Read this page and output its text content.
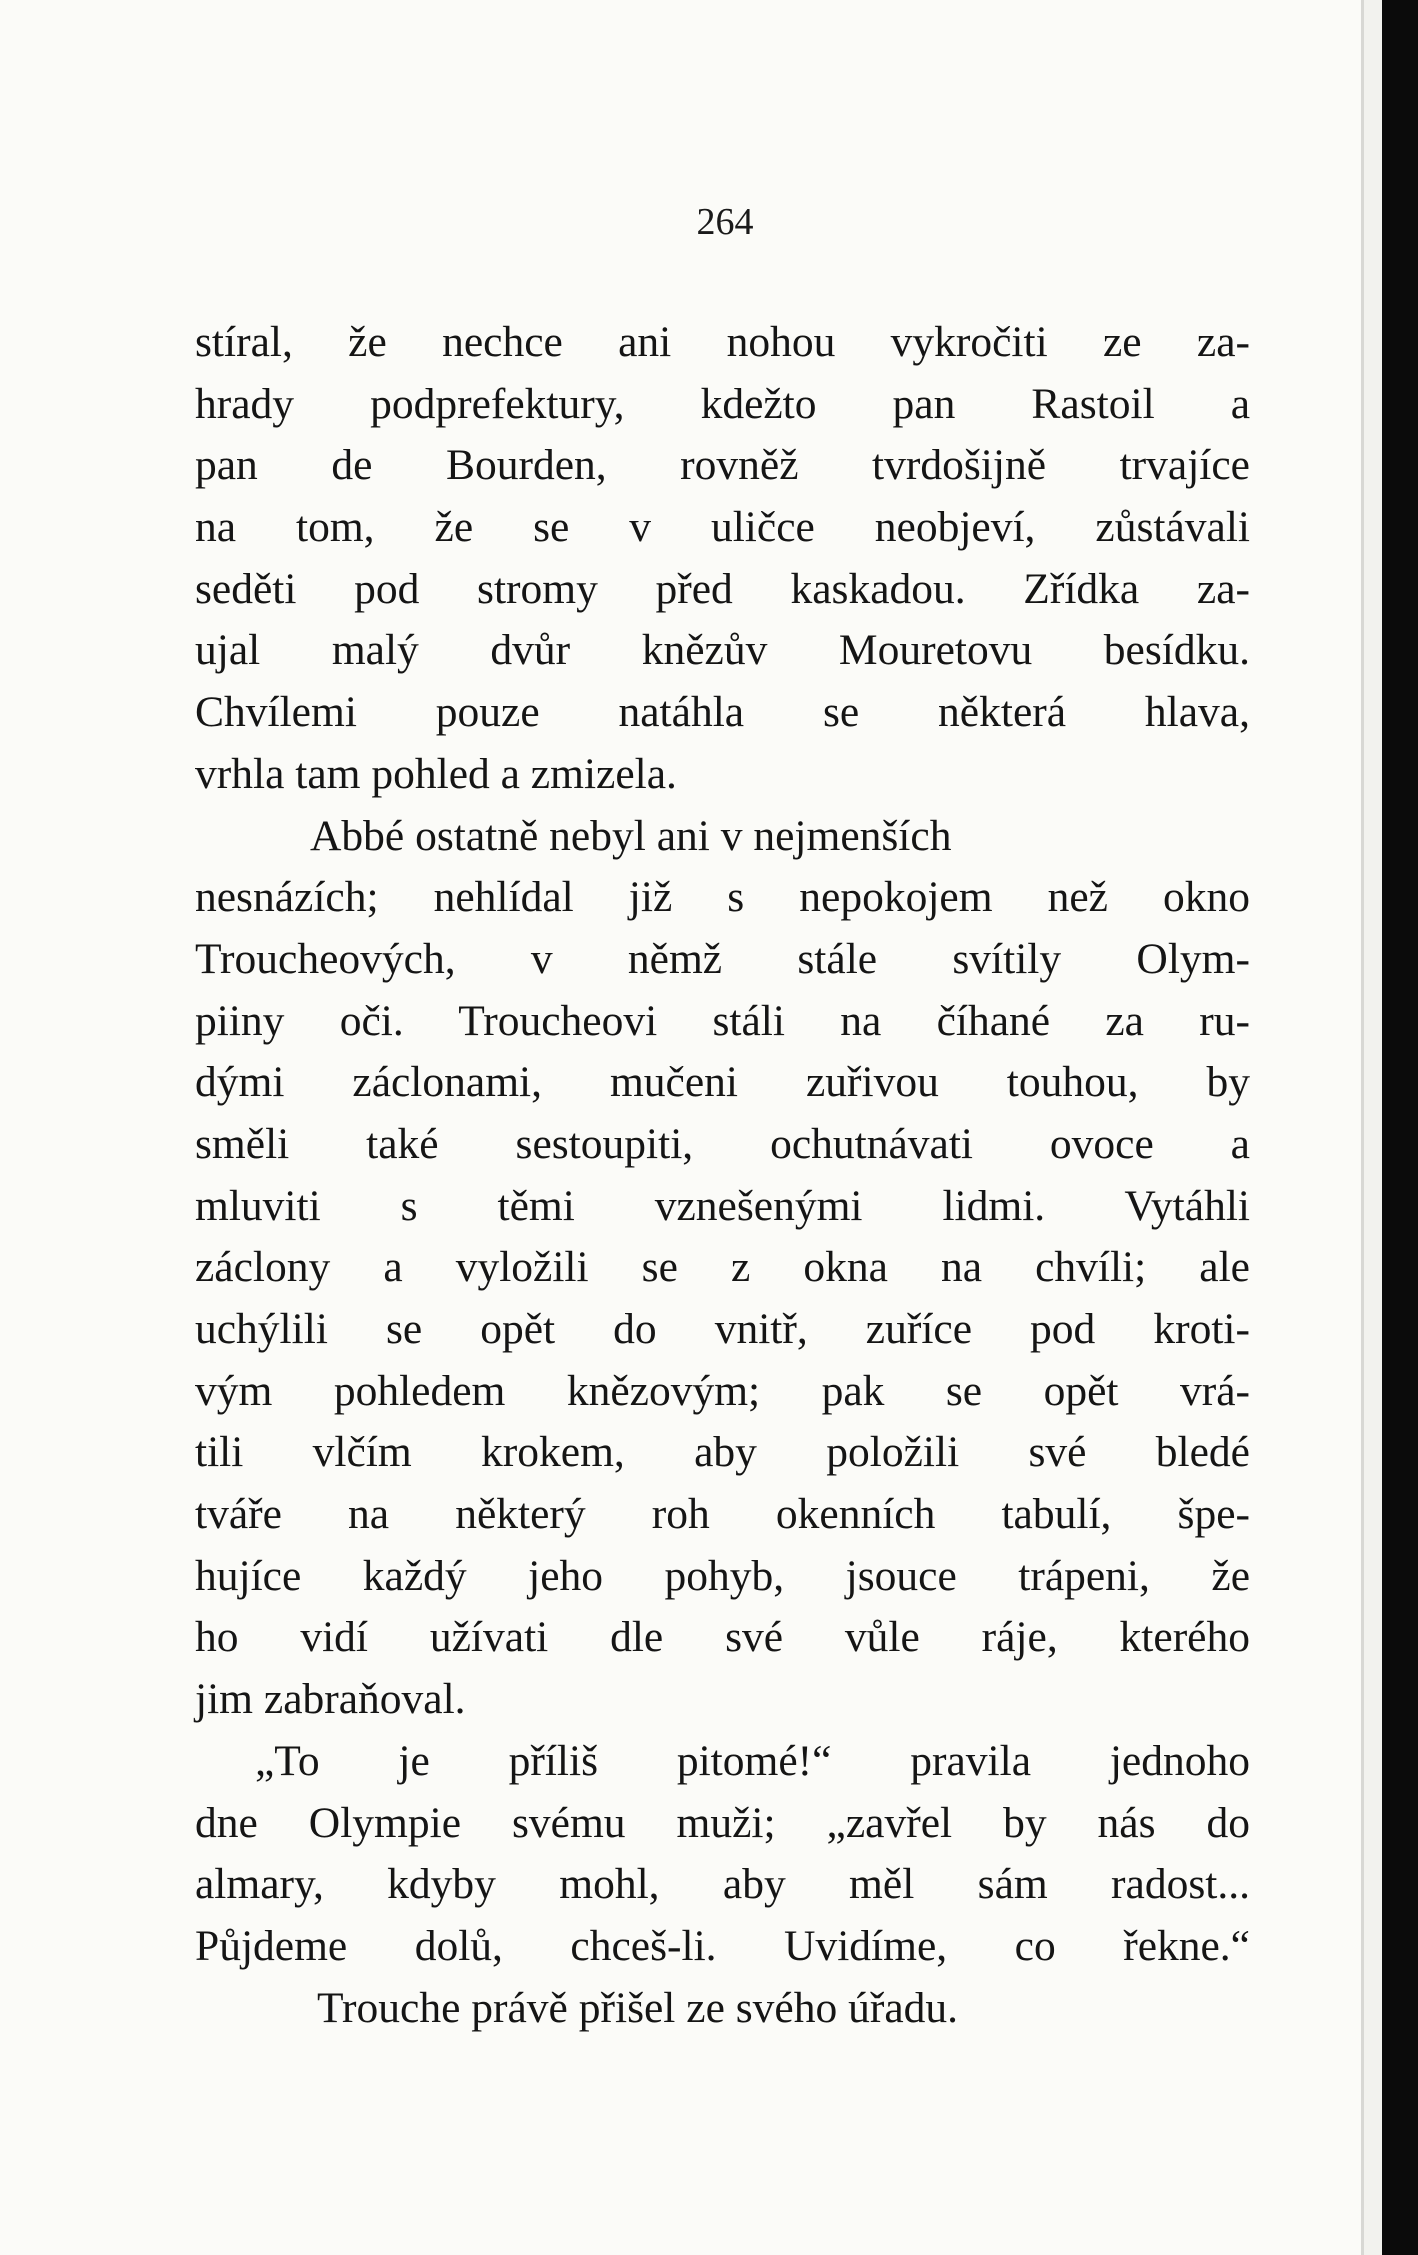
264
stíral, že nechce ani nohou vykročiti ze za-
hrady podprefektury, kdežto pan Rastoil a
pan de Bourden, rovněž tvrdošijně trvajíce
na tom, že se v uličce neobjeví, zůstávali
seděti pod stromy před kaskadou. Zřídka za-
ujal malý dvůr knězův Mouretovu besídku.
Chvílemi pouze natáhla se některá hlava,
vrhla tam pohled a zmizela.
Abbé ostatně nebyl ani v nejmenších
nesnázích; nehlídal již s nepokojem než okno
Troucheových, v němž stále svítily Olym-
piiny oči. Troucheovi stáli na číhané za ru-
dými záclonami, mučeni zuřivou touhou, by
směli také sestoupiti, ochutnávati ovoce a
mluviti s těmi vznešenými lidmi. Vytáhli
záclony a vyložili se z okna na chvíli; ale
uchýlili se opět do vnitř, zuříce pod kroti-
vým pohledem knězovým; pak se opět vrá-
tili vlčím krokem, aby položili své bledé
tváře na některý roh okenních tabulí, špe-
hujíce každý jeho pohyb, jsouce trápeni, že
ho vidí užívati dle své vůle ráje, kterého
jim zabraňoval.
„To je příliš pitomé!“ pravila jednoho
dne Olympie svému muži; „zavřel by nás do
almary, kdyby mohl, aby měl sám radost...
Půjdeme dolů, chceš-li. Uvidíme, co řekne.“
Trouche právě přišel ze svého úřadu.
